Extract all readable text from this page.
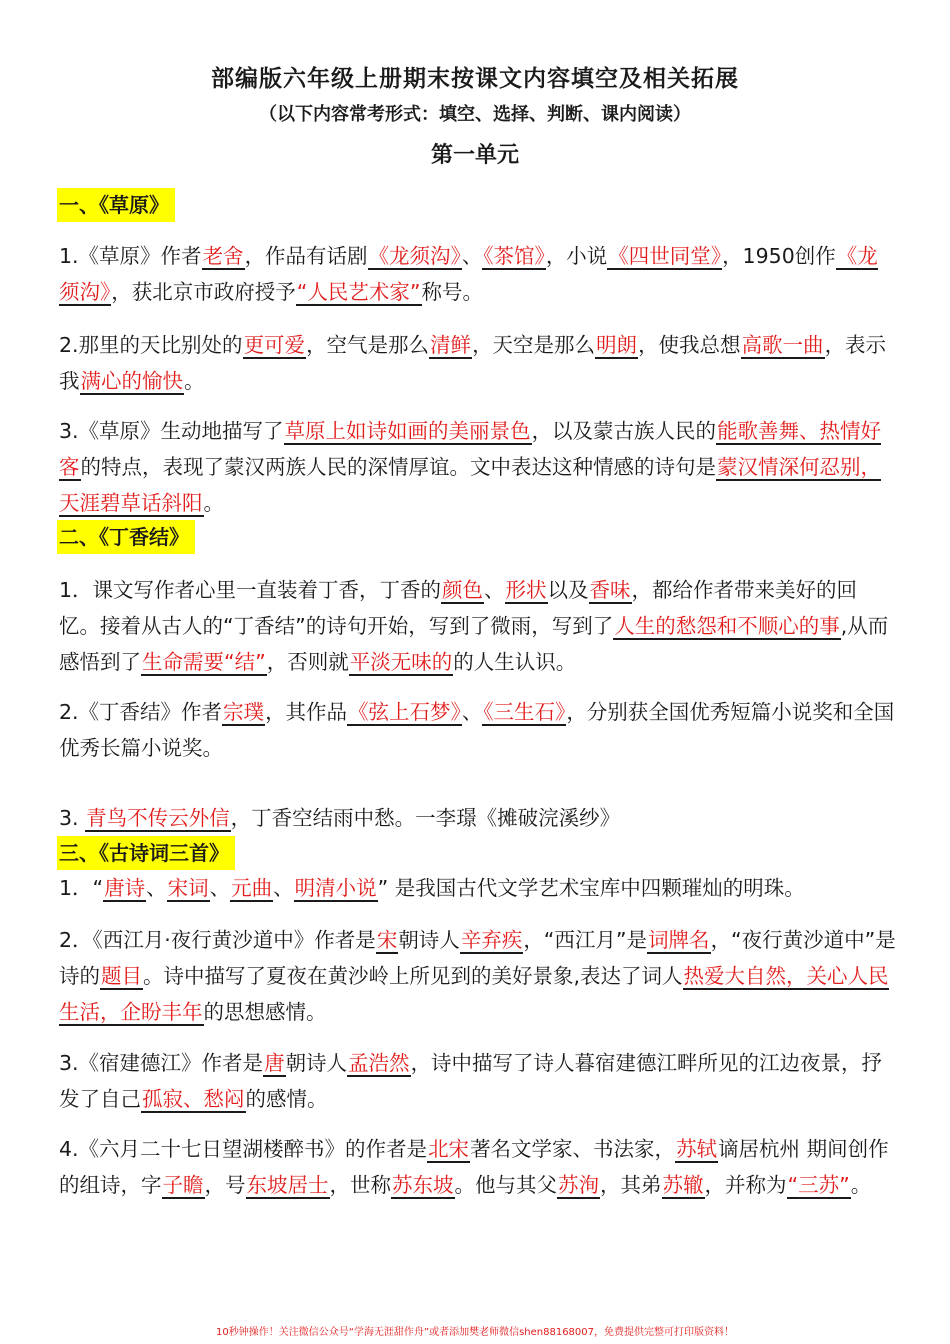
部编版六年级上册期末按课文内容填空及相关拓展
（以下内容常考形式：填空、选择、判断、课内阅读）
第一单元
一、《草原》

1.《草原》作者老舍，作品有话剧《龙须沟》、《茶馆》，小说《四世同堂》，1950创作《龙须沟》，获北京市政府授予“人民艺术家”称号。

2.那里的天比别处的更可爱，空气是那么清鲜，天空是那么明朗，使我总想高歌一曲，表示我满心的愉快。

3.《草原》生动地描写了草原上如诗如画的美丽景色，以及蒙古族人民的能歌善舞、热情好客的特点，表现了蒙汉两族人民的深情厚谊。文中表达这种情感的诗句是蒙汉情深何忍别，天涯碧草话斜阳。

二、《丁香结》

1．课文写作者心里一直装着丁香，丁香的颜色、形状以及香味，都给作者带来美好的回忆。接着从古人的“丁香结”的诗句开始，写到了微雨，写到了人生的愁怨和不顺心的事,从而感悟到了生命需要“结”，否则就平淡无味的的人生认识。

2.《丁香结》作者宗璞，其作品《弦上石梦》、《三生石》，分别获全国优秀短篇小说奖和全国优秀长篇小说奖。

3. 青鸟不传云外信，丁香空结雨中愁。一李璟《摊破浣溪纱》

三、《古诗词三首》

1．“唐诗、宋词、元曲、明清小说” 是我国古代文学艺术宝库中四颗璀灿的明珠。

2．《西江月·夜行黄沙道中》作者是宋朝诗人辛弃疾，“西江月”是词牌名，“夜行黄沙道中”是诗的题目。诗中描写了夏夜在黄沙岭上所见到的美好景象,表达了词人热爱大自然，关心人民生活，企盼丰年的思想感情。

3.《宿建德江》作者是唐朝诗人孟浩然，诗中描写了诗人暮宿建德江畔所见的江边夜景，抒发了自己孤寂、愁闷的感情。

4.《六月二十七日望湖楼醉书》的作者是北宋著名文学家、书法家，苏轼谪居杭州 期间创作的组诗，字子瞻，号东坡居士，世称苏东坡。他与其父苏洵，其弟苏辙，并称为“三苏”。

10秒钟操作！关注微信公众号“学海无涯甜作舟”或者添加樊老师微信shen88168007，免费提供完整可打印版资料！
